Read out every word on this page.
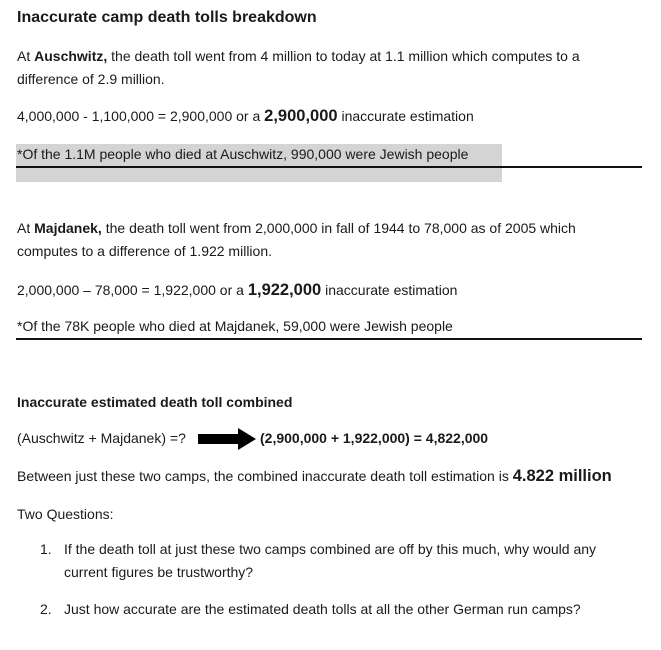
Inaccurate camp death tolls breakdown
At Auschwitz, the death toll went from 4 million to today at 1.1 million which computes to a
difference of 2.9 million.
4,000,000 - 1,100,000 = 2,900,000 or a 2,900,000 inaccurate estimation
*Of the 1.1M people who died at Auschwitz, 990,000 were Jewish people
At Majdanek, the death toll went from 2,000,000 in fall of 1944 to 78,000 as of 2005 which
computes to a difference of 1.922 million.
2,000,000 – 78,000 = 1,922,000 or a 1,922,000 inaccurate estimation
*Of the 78K people who died at Majdanek, 59,000 were Jewish people
Inaccurate estimated death toll combined
(Auschwitz + Majdanek) =?	(2,900,000 + 1,922,000) = 4,822,000
Between just these two camps, the combined inaccurate death toll estimation is 4.822 million
Two Questions:
1. If the death toll at just these two camps combined are off by this much, why would any
current figures be trustworthy?
2. Just how accurate are the estimated death tolls at all the other German run camps?
